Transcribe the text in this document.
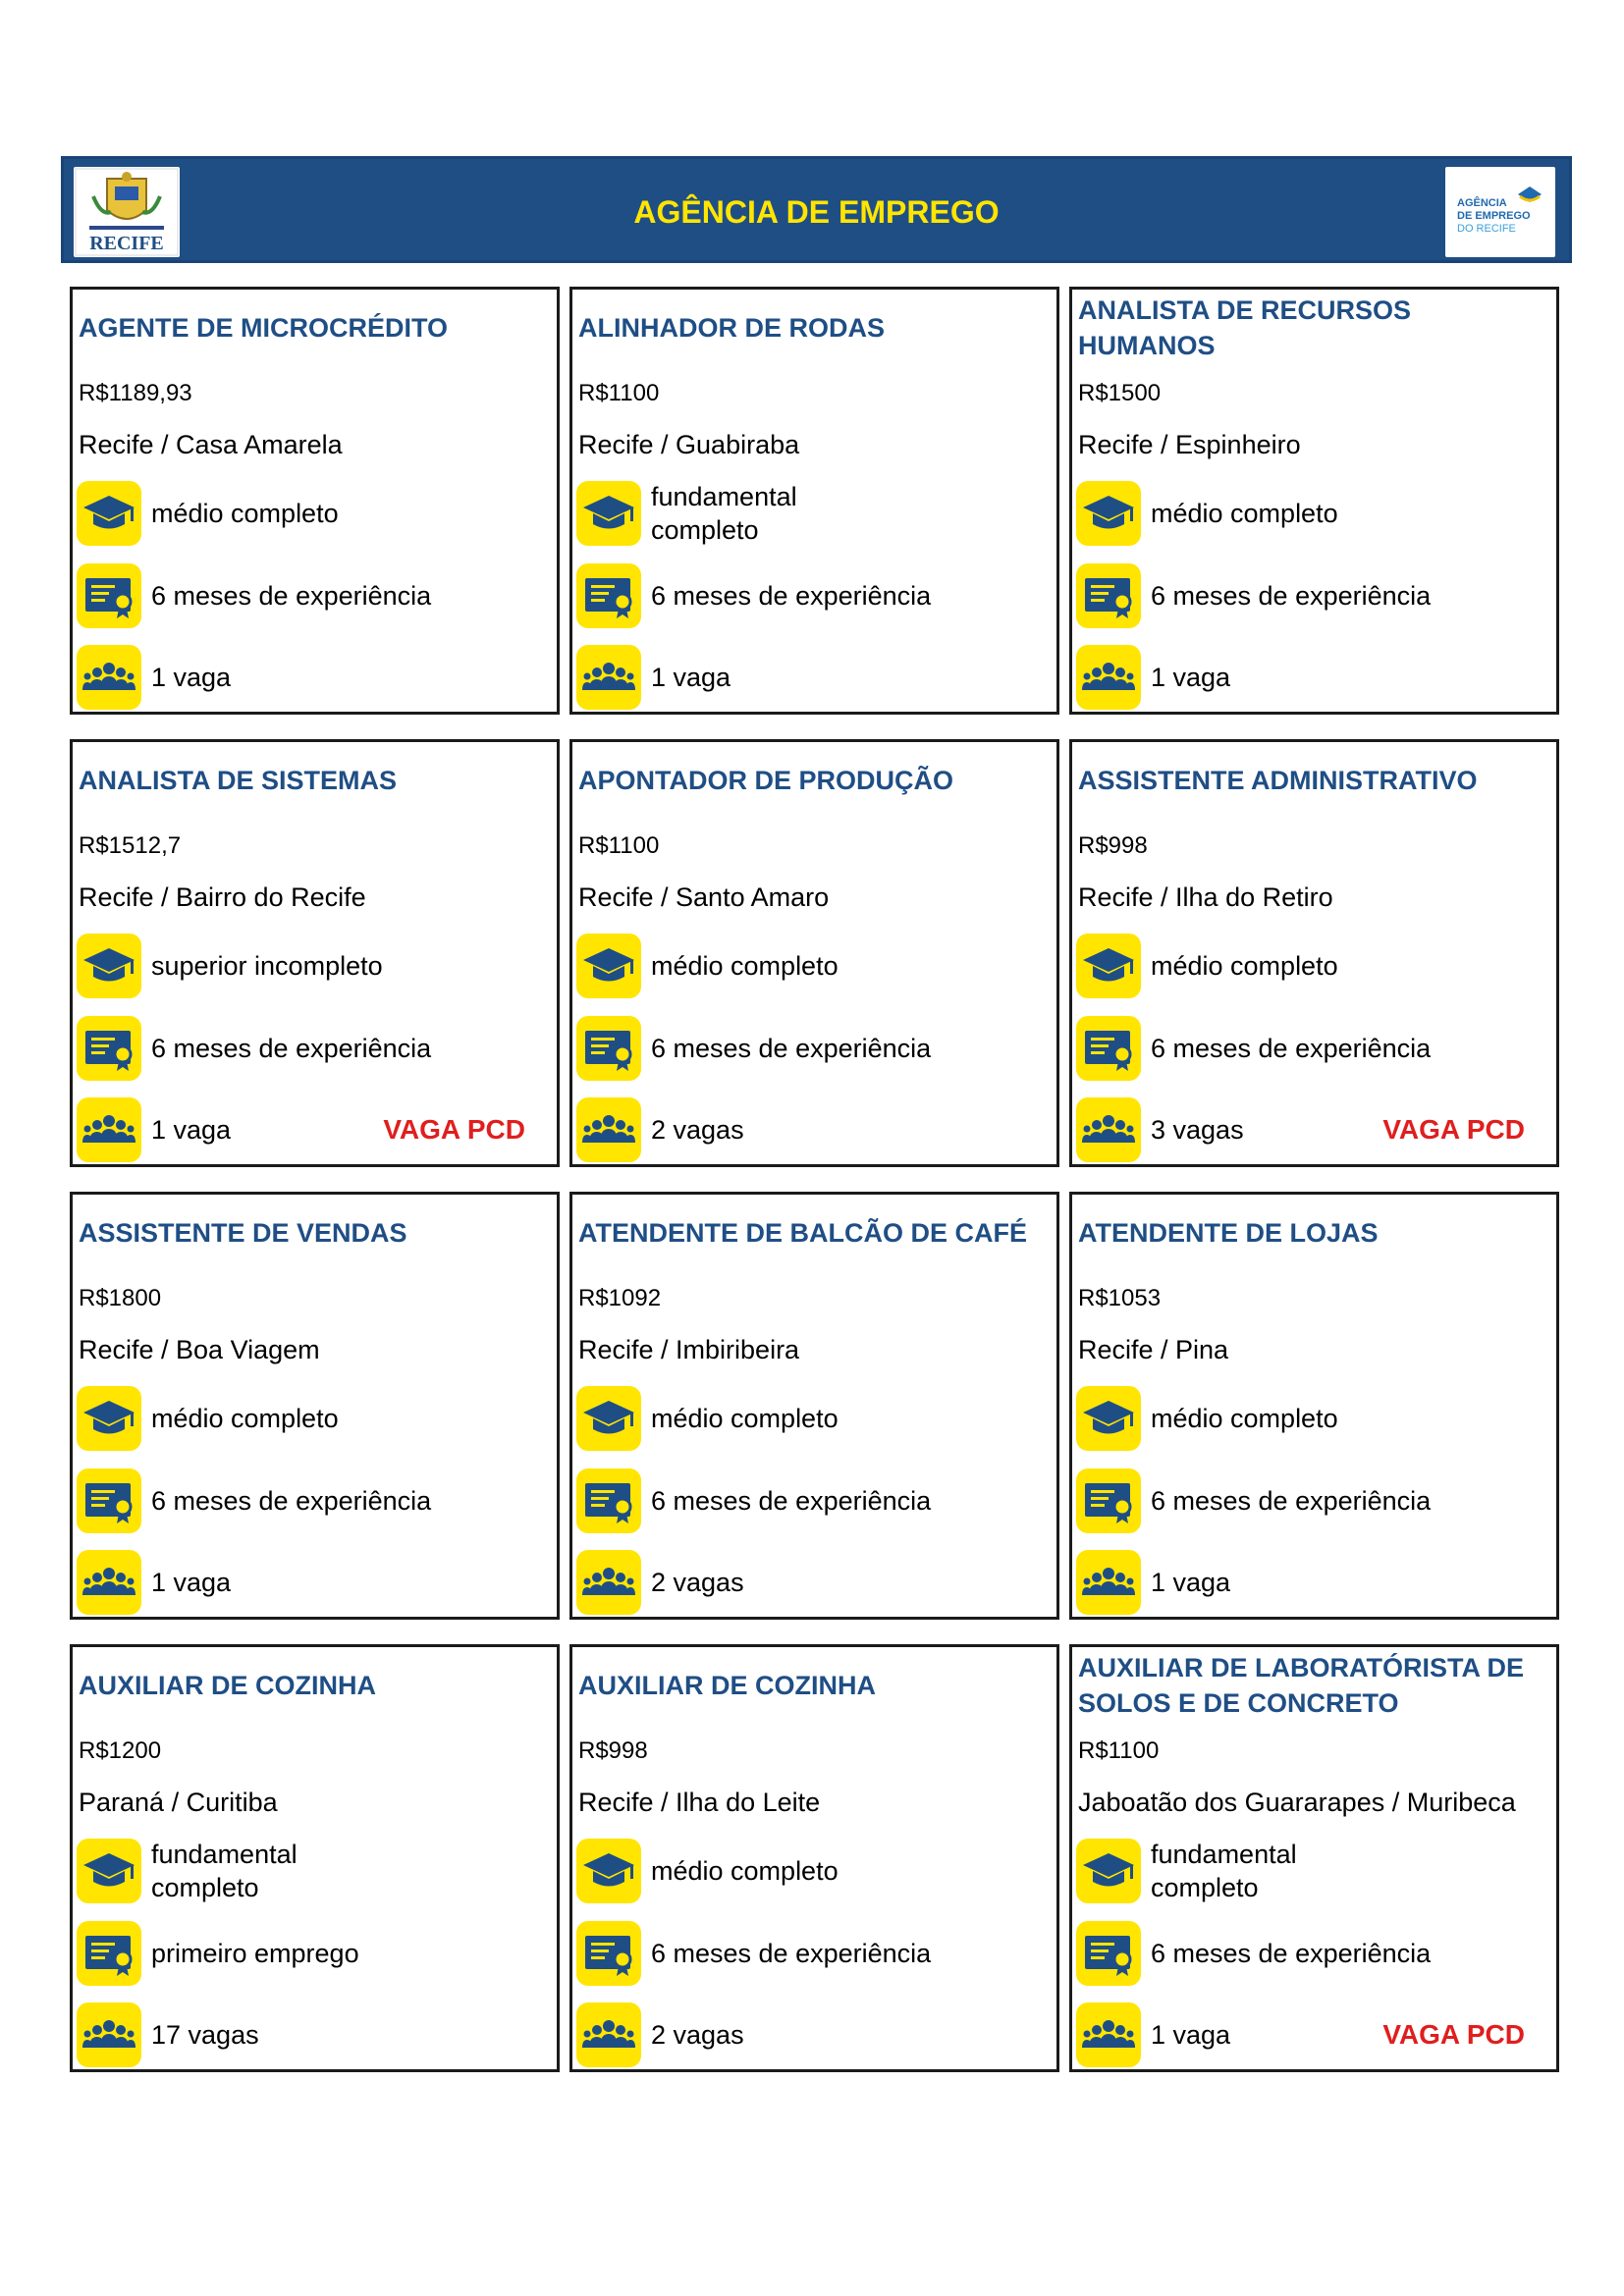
RECIFE
AGÊNCIA DE EMPREGO	AGÊNCIA
DE EMPREGO
DO RECIFE
AGENTE DE MICROCRÉDITO
R$1189,93
Recife / Casa Amarela
médio completo
6 meses de experiência
1 vaga
ALINHADOR DE RODAS
R$1100
Recife / Guabiraba
fundamental completo
6 meses de experiência
1 vaga
ANALISTA DE RECURSOS HUMANOS
R$1500
Recife / Espinheiro
médio completo
6 meses de experiência
1 vaga
ANALISTA DE SISTEMAS
R$1512,7
Recife / Bairro do Recife
superior incompleto
6 meses de experiência
1 vaga	VAGA PCD
APONTADOR DE PRODUÇÃO
R$1100
Recife / Santo Amaro
médio completo
6 meses de experiência
2 vagas
ASSISTENTE ADMINISTRATIVO
R$998
Recife / Ilha do Retiro
médio completo
6 meses de experiência
3 vagas	VAGA PCD
ASSISTENTE DE VENDAS
R$1800
Recife / Boa Viagem
médio completo
6 meses de experiência
1 vaga
ATENDENTE DE BALCÃO DE CAFÉ
R$1092
Recife / Imbiribeira
médio completo
6 meses de experiência
2 vagas
ATENDENTE DE LOJAS
R$1053
Recife / Pina
médio completo
6 meses de experiência
1 vaga
AUXILIAR DE COZINHA
R$1200
Paraná / Curitiba
fundamental completo
primeiro emprego
17 vagas
AUXILIAR DE COZINHA
R$998
Recife / Ilha do Leite
médio completo
6 meses de experiência
2 vagas
AUXILIAR DE LABORATÓRISTA DE SOLOS E DE CONCRETO
R$1100
Jaboatão dos Guararapes / Muribeca
fundamental completo
6 meses de experiência
1 vaga	VAGA PCD
